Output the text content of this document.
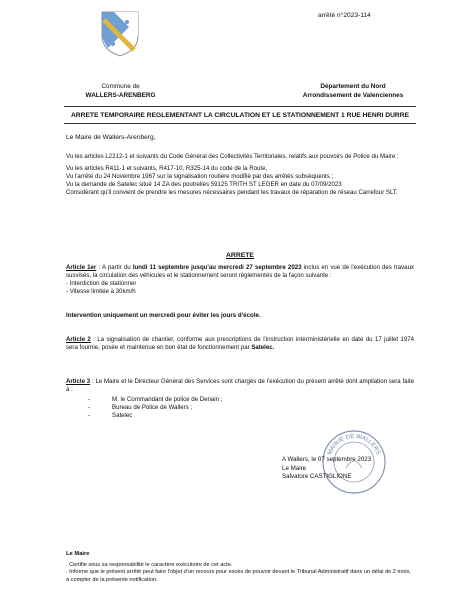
arrêté n°2023-114
Commune de
WALLERS-ARENBERG
Département du Nord
Arrondissement de Valenciennes
ARRETE TEMPORAIRE REGLEMENTANT LA CIRCULATION ET LE STATIONNEMENT 1 RUE HENRI DURRE
Le Maire de Wallers-Arenberg,

Vu les articles L2212-1 et suivants du Code Général des Collectivités Territoriales, relatifs aux pouvoirs de Police du Maire ;

Vu les articles R411-1 et suivants, R417-10, R325-14 du code de la Route,

Vu l'arrêté du 24 Novembre 1967 sur la signalisation routière modifié par des arrêtés subséquents ;

Vu la demande de Satelec situé 14 ZA des poutrelles 59125 TRITH ST LEGER en date du 07/09/2023

Considérant qu'il convient de prendre les mesures nécessaires pendant les travaux de réparation de réseau Carrefour SLT.

ARRETE

Article 1er : A partir du lundi 11 septembre jusqu'au mercredi 27 septembre 2023 inclus en vue de l'exécution des travaux susvisés, la circulation des véhicules et le stationnement seront règlementés de la façon suivante :

- Interdiction de stationner

- Vitesse limitée à 30km/h

Intervention uniquement un mercredi pour éviter les jours d'école.

Article 2 : La signalisation de chantier, conforme aux prescriptions de l'instruction interministérielle en date du 17 juillet 1974 sera fournie, posée et maintenue en bon état de fonctionnement par Satelec.

Article 3 : Le Maire et le Directeur Général des Services sont chargés de l'exécution du présent arrêté dont ampliation sera faite à :

-	M. le Commandant de police de Denain ;
-	Bureau de Police de Wallers ;
-	Satelec
MAIRIE DE WALLERS
A Wallers, le 07 septembre 2023
Le Maire
Salvatore CASTIGLIONE

Le Maire

. Certifie sous sa responsabilité le caractère exécutoire de cet acte.

. Informe que le présent arrêté peut faire l'objet d'un recours pour excès de pouvoir devant le Tribunal Administratif dans un délai de 2 mois, à compter de la présente notification.
